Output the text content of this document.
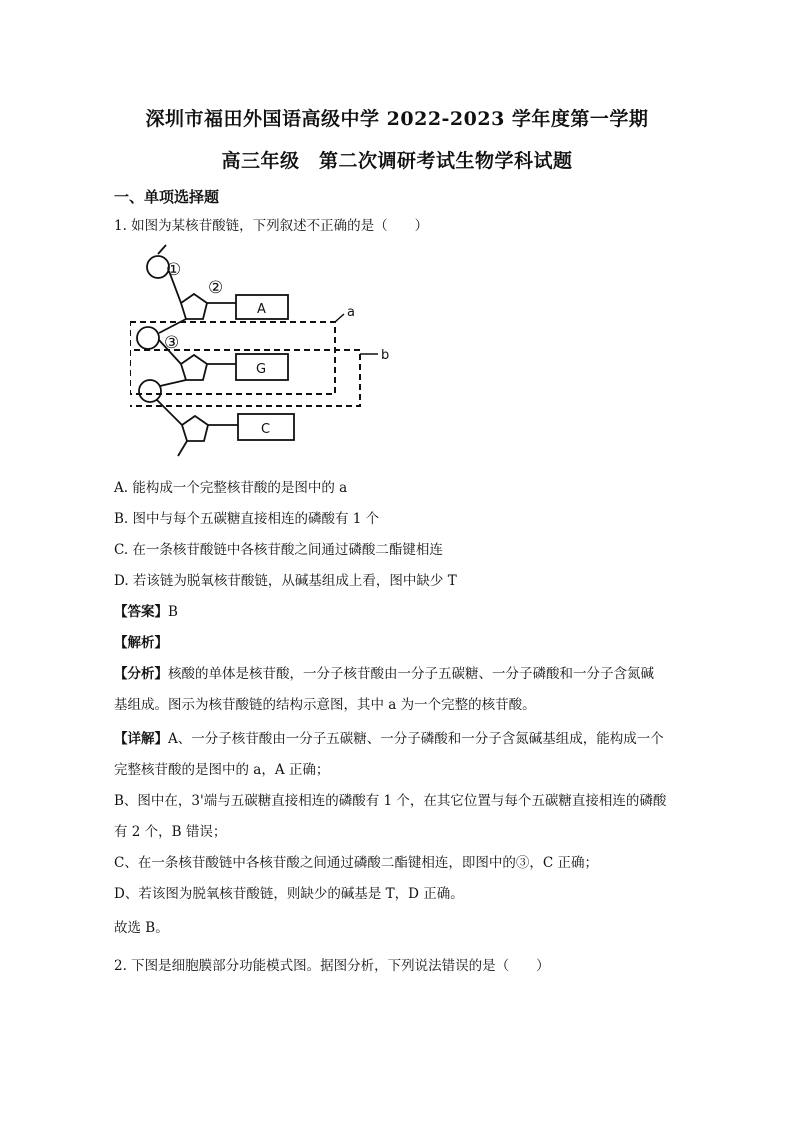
深圳市福田外国语高级中学 2022-2023 学年度第一学期
高三年级　第二次调研考试生物学科试题
一、单项选择题
1. 如图为某核苷酸链，下列叙述不正确的是（　　）
①
②
③
A
G
C
a
b
A. 能构成一个完整核苷酸的是图中的 a
B. 图中与每个五碳糖直接相连的磷酸有 1 个
C. 在一条核苷酸链中各核苷酸之间通过磷酸二酯键相连
D. 若该链为脱氧核苷酸链，从碱基组成上看，图中缺少 T
【答案】B
【解析】
【分析】核酸的单体是核苷酸，一分子核苷酸由一分子五碳糖、一分子磷酸和一分子含氮碱
基组成。图示为核苷酸链的结构示意图，其中 a 为一个完整的核苷酸。
【详解】A、一分子核苷酸由一分子五碳糖、一分子磷酸和一分子含氮碱基组成，能构成一个
完整核苷酸的是图中的 a，A 正确；
B、图中在，3'端与五碳糖直接相连的磷酸有 1 个，在其它位置与每个五碳糖直接相连的磷酸
有 2 个，B 错误；
C、在一条核苷酸链中各核苷酸之间通过磷酸二酯键相连，即图中的③，C 正确；
D、若该图为脱氧核苷酸链，则缺少的碱基是 T，D 正确。
故选 B。
2. 下图是细胞膜部分功能模式图。据图分析，下列说法错误的是（　　）
